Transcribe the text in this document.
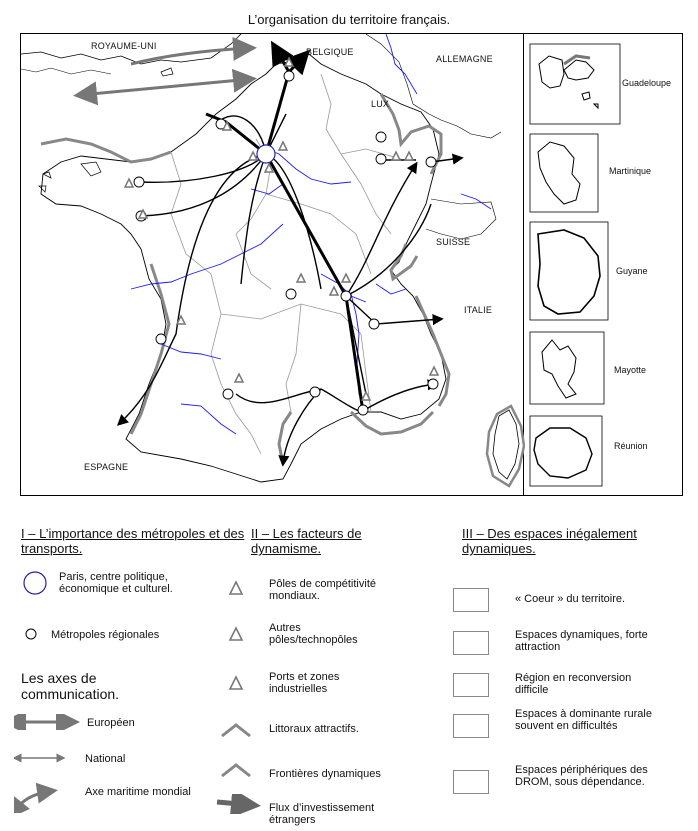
L’organisation du territoire français.
ROYAUME-UNI
BELGIQUE
ALLEMAGNE
LUX
SUISSE
ITALIE
ESPAGNE
Guadeloupe
Martinique
Guyane
Mayotte
Réunion
I – L’importance des métropoles et des transports.
Paris, centre politique, économique et culturel.
Métropoles régionales
Les axes de communication.
Européen
National
Axe maritime mondial
II – Les facteurs de dynamisme.
Pôles de compétitivité mondiaux.
Autres pôles/technopôles
Ports et zones industrielles
Littoraux attractifs.
Frontières dynamiques
Flux d’investissement étrangers
III – Des espaces inégalement dynamiques.
« Coeur » du territoire.
Espaces dynamiques, forte attraction
Région en reconversion difficile
Espaces à dominante rurale souvent en difficultés
Espaces périphériques des DROM, sous dépendance.
